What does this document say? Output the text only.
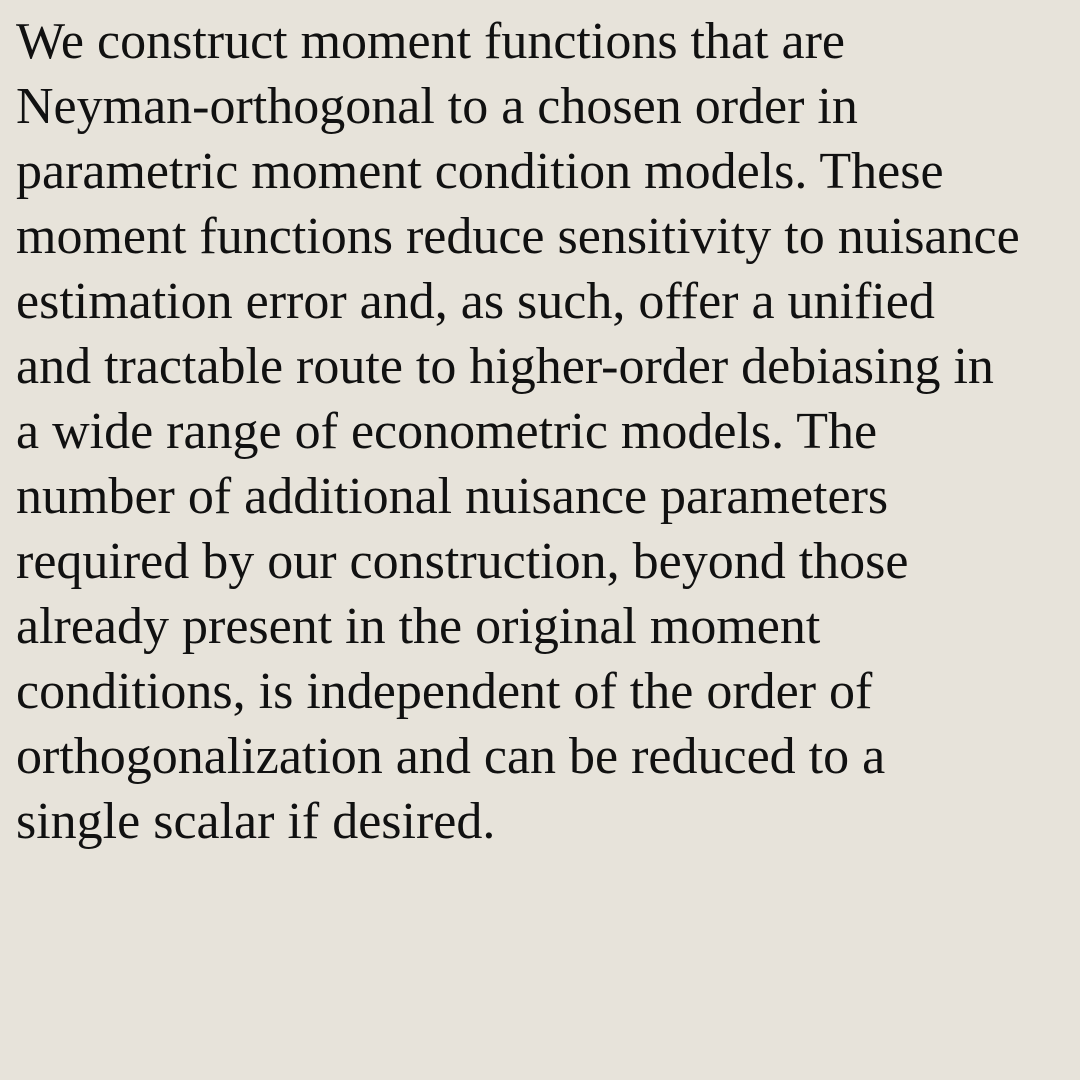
We construct moment functions that are
Neyman-orthogonal to a chosen order in
parametric moment condition models. These
moment functions reduce sensitivity to nuisance
estimation error and, as such, offer a unified
and tractable route to higher-order debiasing in
a wide range of econometric models. The
number of additional nuisance parameters
required by our construction, beyond those
already present in the original moment
conditions, is independent of the order of
orthogonalization and can be reduced to a
single scalar if desired.
